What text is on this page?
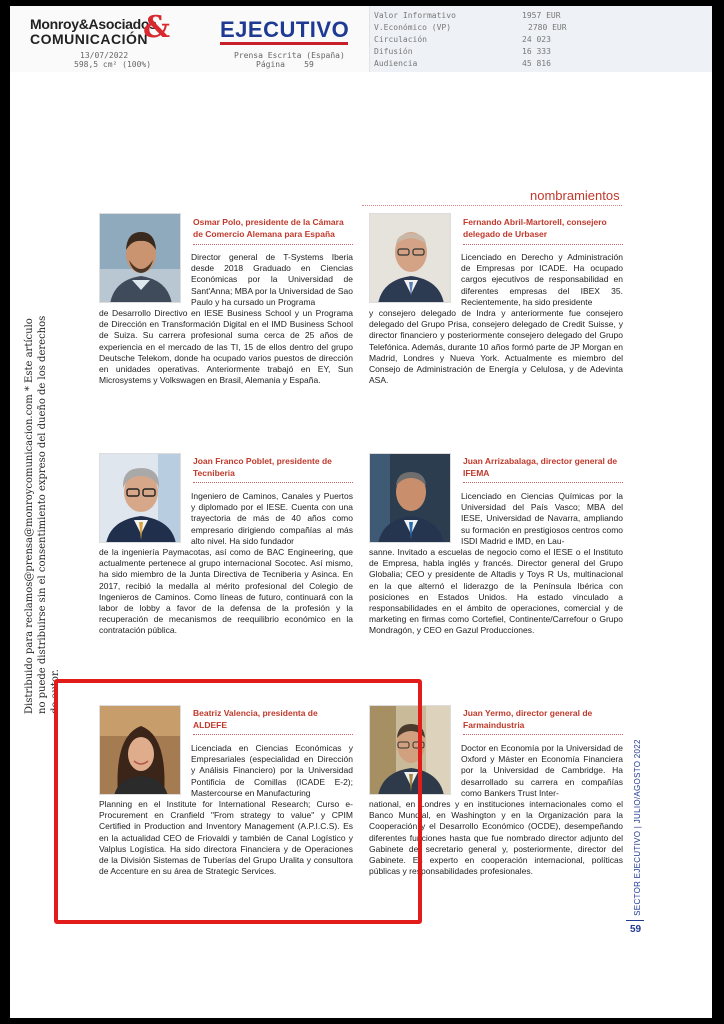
Monroy&Asociados
COMUNICACIÓN
&
13/07/2022
598,5 cm² (100%)
EJECUTIVO
Prensa Escrita (España)
Página 59
Valor Informativo	1957 EUR
V.Económico (VP)	2780 EUR
Circulación	24 023
Difusión	16 333
Audiencia	45 816
Distribuido para reclamos@prensa@monroycomunicacion.com * Este artículo no puede distribuirse sin el consentimiento expreso del dueño de los derechos de autor.
nombramientos
Osmar Polo, presidente de la Cámara de Comercio Alemana para España
Director general de T-Systems Iberia desde 2018 Graduado en Ciencias Económicas por la Universidad de Sant'Anna; MBA por la Universidad de Sao Paulo y ha cursado un Programa
de Desarrollo Directivo en IESE Business School y un Programa de Dirección en Transformación Digital en el IMD Business School de Suiza. Su carrera profesional suma cerca de 25 años de experiencia en el mercado de las TI, 15 de ellos dentro del grupo Deutsche Telekom, donde ha ocupado varios puestos de dirección en unidades operativas. Anteriormente trabajó en EY, Sun Microsystems y Volkswagen en Brasil, Alemania y España.
Fernando Abril-Martorell, consejero delegado de Urbaser
Licenciado en Derecho y Administración de Empresas por ICADE. Ha ocupado cargos ejecutivos de responsabilidad en diferentes empresas del IBEX 35. Recientemente, ha sido presidente
y consejero delegado de Indra y anteriormente fue consejero delegado del Grupo Prisa, consejero delegado de Credit Suisse, y director financiero y posteriormente consejero delegado del Grupo Telefónica. Además, durante 10 años formó parte de JP Morgan en Madrid, Londres y Nueva York. Actualmente es miembro del Consejo de Administración de Energía y Celulosa, y de Adevinta ASA.
Joan Franco Poblet, presidente de Tecniberia
Ingeniero de Caminos, Canales y Puertos y diplomado por el IESE. Cuenta con una trayectoria de más de 40 años como empresario dirigiendo compañías al más alto nivel. Ha sido fundador
de la ingeniería Paymacotas, así como de BAC Engineering, que actualmente pertenece al grupo internacional Socotec. Así mismo, ha sido miembro de la Junta Directiva de Tecniberia y Asinca. En 2017, recibió la medalla al mérito profesional del Colegio de Ingenieros de Caminos. Como líneas de futuro, continuará con la labor de lobby a favor de la defensa de la profesión y la recuperación de mecanismos de reequilibrio económico en la contratación pública.
Juan Arrizabalaga, director general de IFEMA
Licenciado en Ciencias Químicas por la Universidad del País Vasco; MBA del IESE, Universidad de Navarra, ampliando su formación en prestigiosos centros como ISDI Madrid e IMD, en Lau-
sanne. Invitado a escuelas de negocio como el IESE o el Instituto de Empresa, habla inglés y francés. Director general del Grupo Globalia; CEO y presidente de Altadis y Toys R Us, multinacional en la que alternó el liderazgo de la Península Ibérica con posiciones en Estados Unidos. Ha estado vinculado a responsabilidades en el ámbito de operaciones, comercial y de marketing en firmas como Cortefiel, Continente/Carrefour o Grupo Mondragón, y CEO en Gazul Producciones.
Beatriz Valencia, presidenta de ALDEFE
Licenciada en Ciencias Económicas y Empresariales (especialidad en Dirección y Análisis Financiero) por la Universidad Pontificia de Comillas (ICADE E-2); Mastercourse en Manufacturing
Planning en el Institute for International Research; Curso e-Procurement en Cranfield "From strategy to value" y CPIM Certified in Production and Inventory Management (A.P.I.C.S). Es en la actualidad CEO de Friovaldi y también de Canal Logístico y Valplus Logística. Ha sido directora Financiera y de Operaciones de la División Sistemas de Tuberías del Grupo Uralita y consultora de Accenture en su área de Strategic Services.
Juan Yermo, director general de Farmaindustria
Doctor en Economía por la Universidad de Oxford y Máster en Economía Financiera por la Universidad de Cambridge. Ha desarrollado su carrera en compañías como Bankers Trust Inter-
national, en Londres y en instituciones internacionales como el Banco Mundial, en Washington y en la Organización para la Cooperación y el Desarrollo Económico (OCDE), desempeñando diferentes funciones hasta que fue nombrado director adjunto del Gabinete del secretario general y, posteriormente, director del Gabinete. Es experto en cooperación internacional, políticas públicas y responsabilidades profesionales.	SECTOR EJECUTIVO | JULIO/AGOSTO 2022
59
